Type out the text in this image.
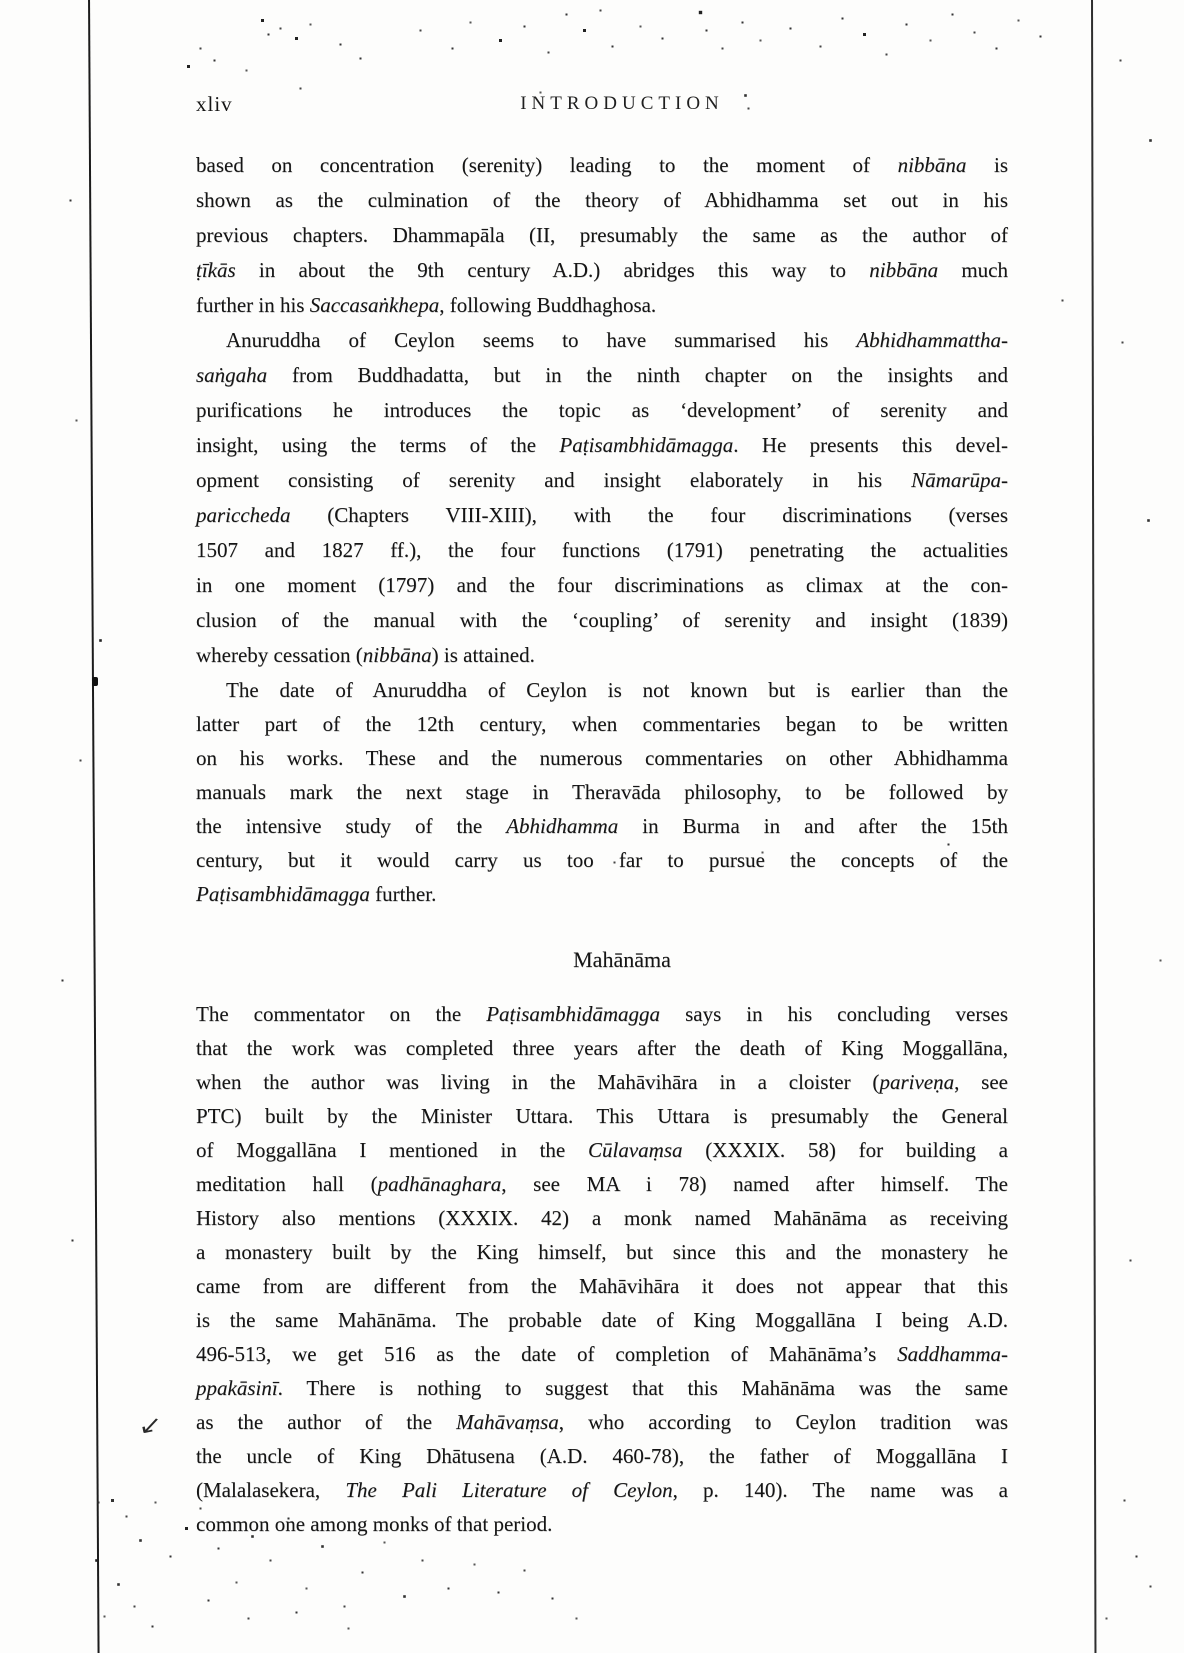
↙
xliv	INTRODUCTION

based on concentration (serenity) leading to the moment of nibbāna is
shown as the culmination of the theory of Abhidhamma set out in his
previous chapters. Dhammapāla (II, presumably the same as the author of
ṭīkās in about the 9th century A.D.) abridges this way to nibbāna much
further in his Saccasaṅkhepa, following Buddhaghosa.

Anuruddha of Ceylon seems to have summarised his Abhidhammattha-
saṅgaha from Buddhadatta, but in the ninth chapter on the insights and
purifications he introduces the topic as ‘development’ of serenity and
insight, using the terms of the Paṭisambhidāmagga. He presents this devel-
opment consisting of serenity and insight elaborately in his Nāmarūpa-
pariccheda (Chapters VIII-XIII), with the four discriminations (verses
1507 and 1827 ff.), the four functions (1791) penetrating the actualities
in one moment (1797) and the four discriminations as climax at the con-
clusion of the manual with the ‘coupling’ of serenity and insight (1839)
whereby cessation (nibbāna) is attained.

The date of Anuruddha of Ceylon is not known but is earlier than the
latter part of the 12th century, when commentaries began to be written
on his works. These and the numerous commentaries on other Abhidhamma
manuals mark the next stage in Theravāda philosophy, to be followed by
the intensive study of the Abhidhamma in Burma in and after the 15th
century, but it would carry us too far to pursue the concepts of the
Paṭisambhidāmagga further.

Mahānāma

The commentator on the Paṭisambhidāmagga says in his concluding verses
that the work was completed three years after the death of King Moggallāna,
when the author was living in the Mahāvihāra in a cloister (pariveṇa, see
PTC) built by the Minister Uttara. This Uttara is presumably the General
of Moggallāna I mentioned in the Cūlavaṃsa (XXXIX. 58) for building a
meditation hall (padhānaghara, see MA i 78) named after himself. The
History also mentions (XXXIX. 42) a monk named Mahānāma as receiving
a monastery built by the King himself, but since this and the monastery he
came from are different from the Mahāvihāra it does not appear that this
is the same Mahānāma. The probable date of King Moggallāna I being A.D.
496-513, we get 516 as the date of completion of Mahānāma’s Saddhamma-
ppakāsinī. There is nothing to suggest that this Mahānāma was the same
as the author of the Mahāvaṃsa, who according to Ceylon tradition was
the uncle of King Dhātusena (A.D. 460-78), the father of Moggallāna I
(Malalasekera, The Pali Literature of Ceylon, p. 140). The name was a
common one among monks of that period.
